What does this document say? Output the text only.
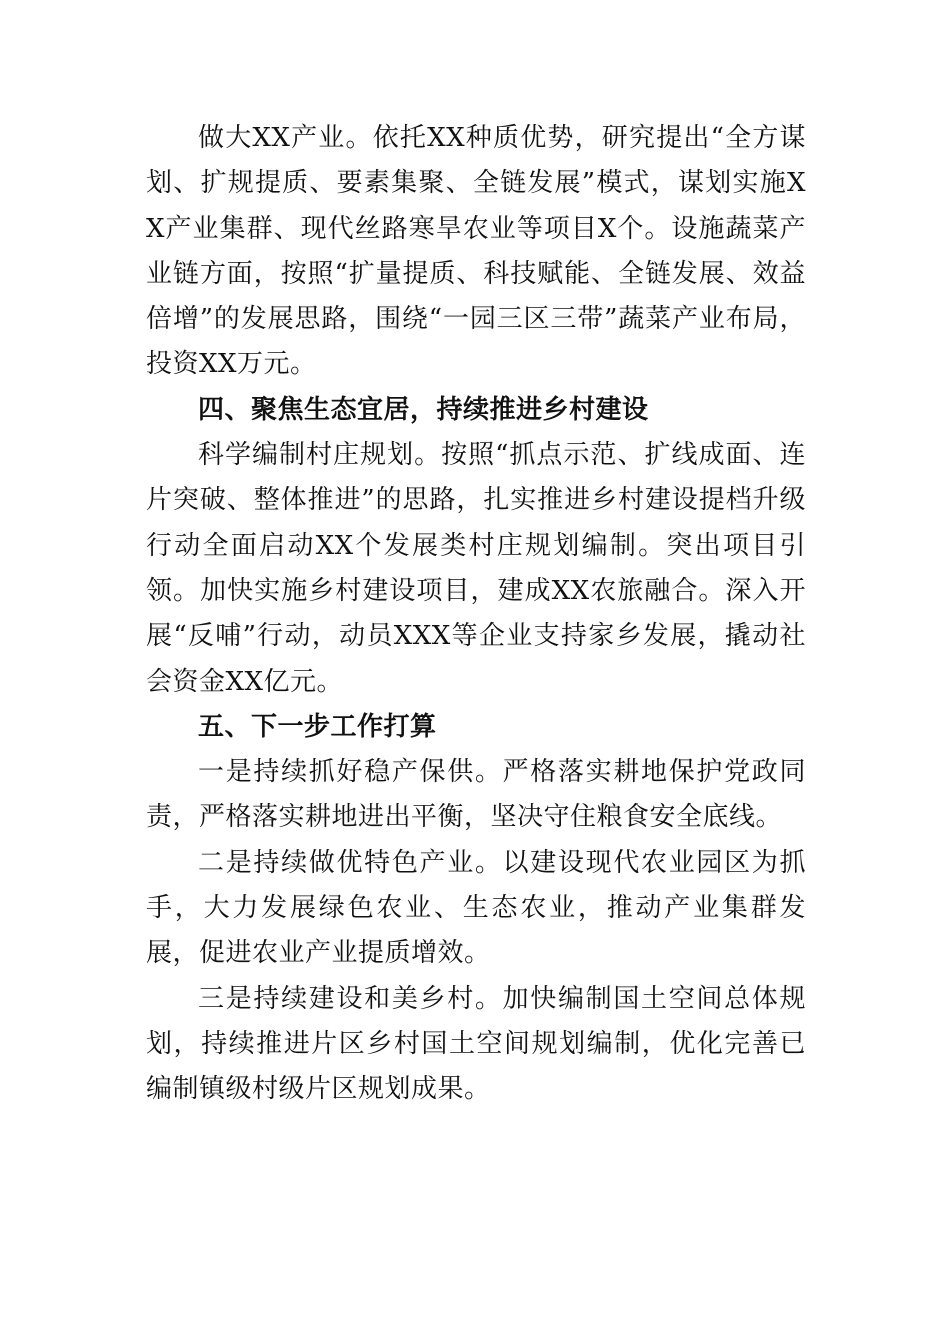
做大XX产业。依托XX种质优势，研究提出“全方谋划、扩规提质、要素集聚、全链发展”模式，谋划实施XX产业集群、现代丝路寒旱农业等项目X个。设施蔬菜产业链方面，按照“扩量提质、科技赋能、全链发展、效益倍增”的发展思路，围绕“一园三区三带”蔬菜产业布局，投资XX万元。

四、聚焦生态宜居，持续推进乡村建设

科学编制村庄规划。按照“抓点示范、扩线成面、连片突破、整体推进”的思路，扎实推进乡村建设提档升级行动全面启动XX个发展类村庄规划编制。突出项目引领。加快实施乡村建设项目，建成XX农旅融合。深入开展“反哺”行动，动员XXX等企业支持家乡发展，撬动社会资金XX亿元。

五、下一步工作打算

一是持续抓好稳产保供。严格落实耕地保护党政同责，严格落实耕地进出平衡，坚决守住粮食安全底线。

二是持续做优特色产业。以建设现代农业园区为抓手，大力发展绿色农业、生态农业，推动产业集群发展，促进农业产业提质增效。

三是持续建设和美乡村。加快编制国土空间总体规划，持续推进片区乡村国土空间规划编制，优化完善已编制镇级村级片区规划成果。
